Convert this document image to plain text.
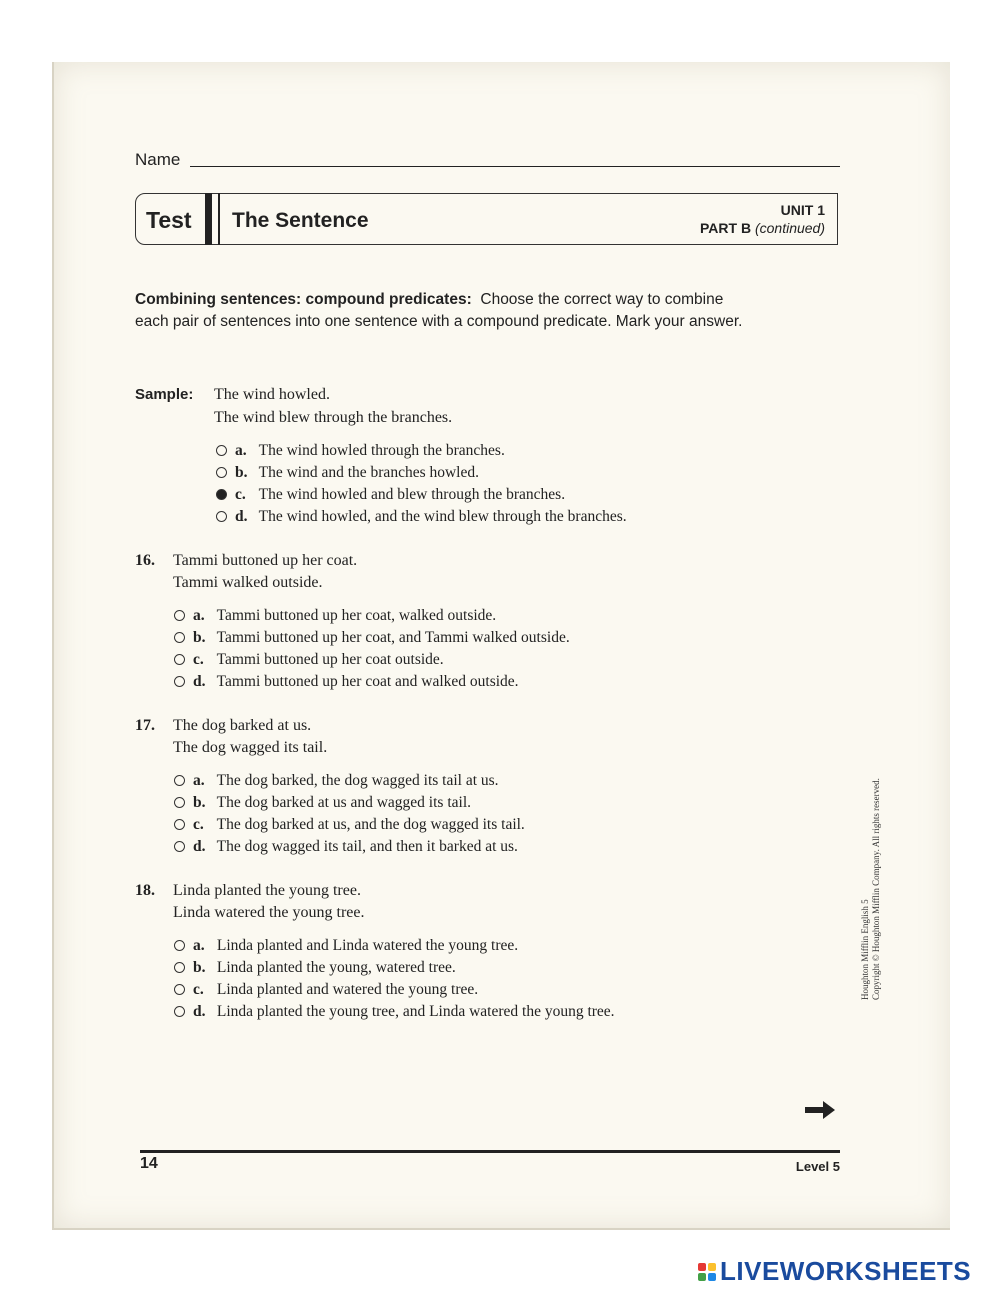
Name
Test The Sentence	UNIT 1
PART B (continued)
Combining sentences: compound predicates: Choose the correct way to combine each pair of sentences into one sentence with a compound predicate. Mark your answer.
Sample: The wind howled.
The wind blew through the branches.
a. The wind howled through the branches.
b. The wind and the branches howled.
c. The wind howled and blew through the branches.
d. The wind howled, and the wind blew through the branches.
16. Tammi buttoned up her coat.
Tammi walked outside.
a. Tammi buttoned up her coat, walked outside.
b. Tammi buttoned up her coat, and Tammi walked outside.
c. Tammi buttoned up her coat outside.
d. Tammi buttoned up her coat and walked outside.
17. The dog barked at us.
The dog wagged its tail.
a. The dog barked, the dog wagged its tail at us.
b. The dog barked at us and wagged its tail.
c. The dog barked at us, and the dog wagged its tail.
d. The dog wagged its tail, and then it barked at us.
18. Linda planted the young tree.
Linda watered the young tree.
a. Linda planted and Linda watered the young tree.
b. Linda planted the young, watered tree.
c. Linda planted and watered the young tree.
d. Linda planted the young tree, and Linda watered the young tree.
Houghton Mifflin English 5 Copyright © Houghton Mifflin Company. All rights reserved.
14	Level 5
LIVEWORKSHEETS
